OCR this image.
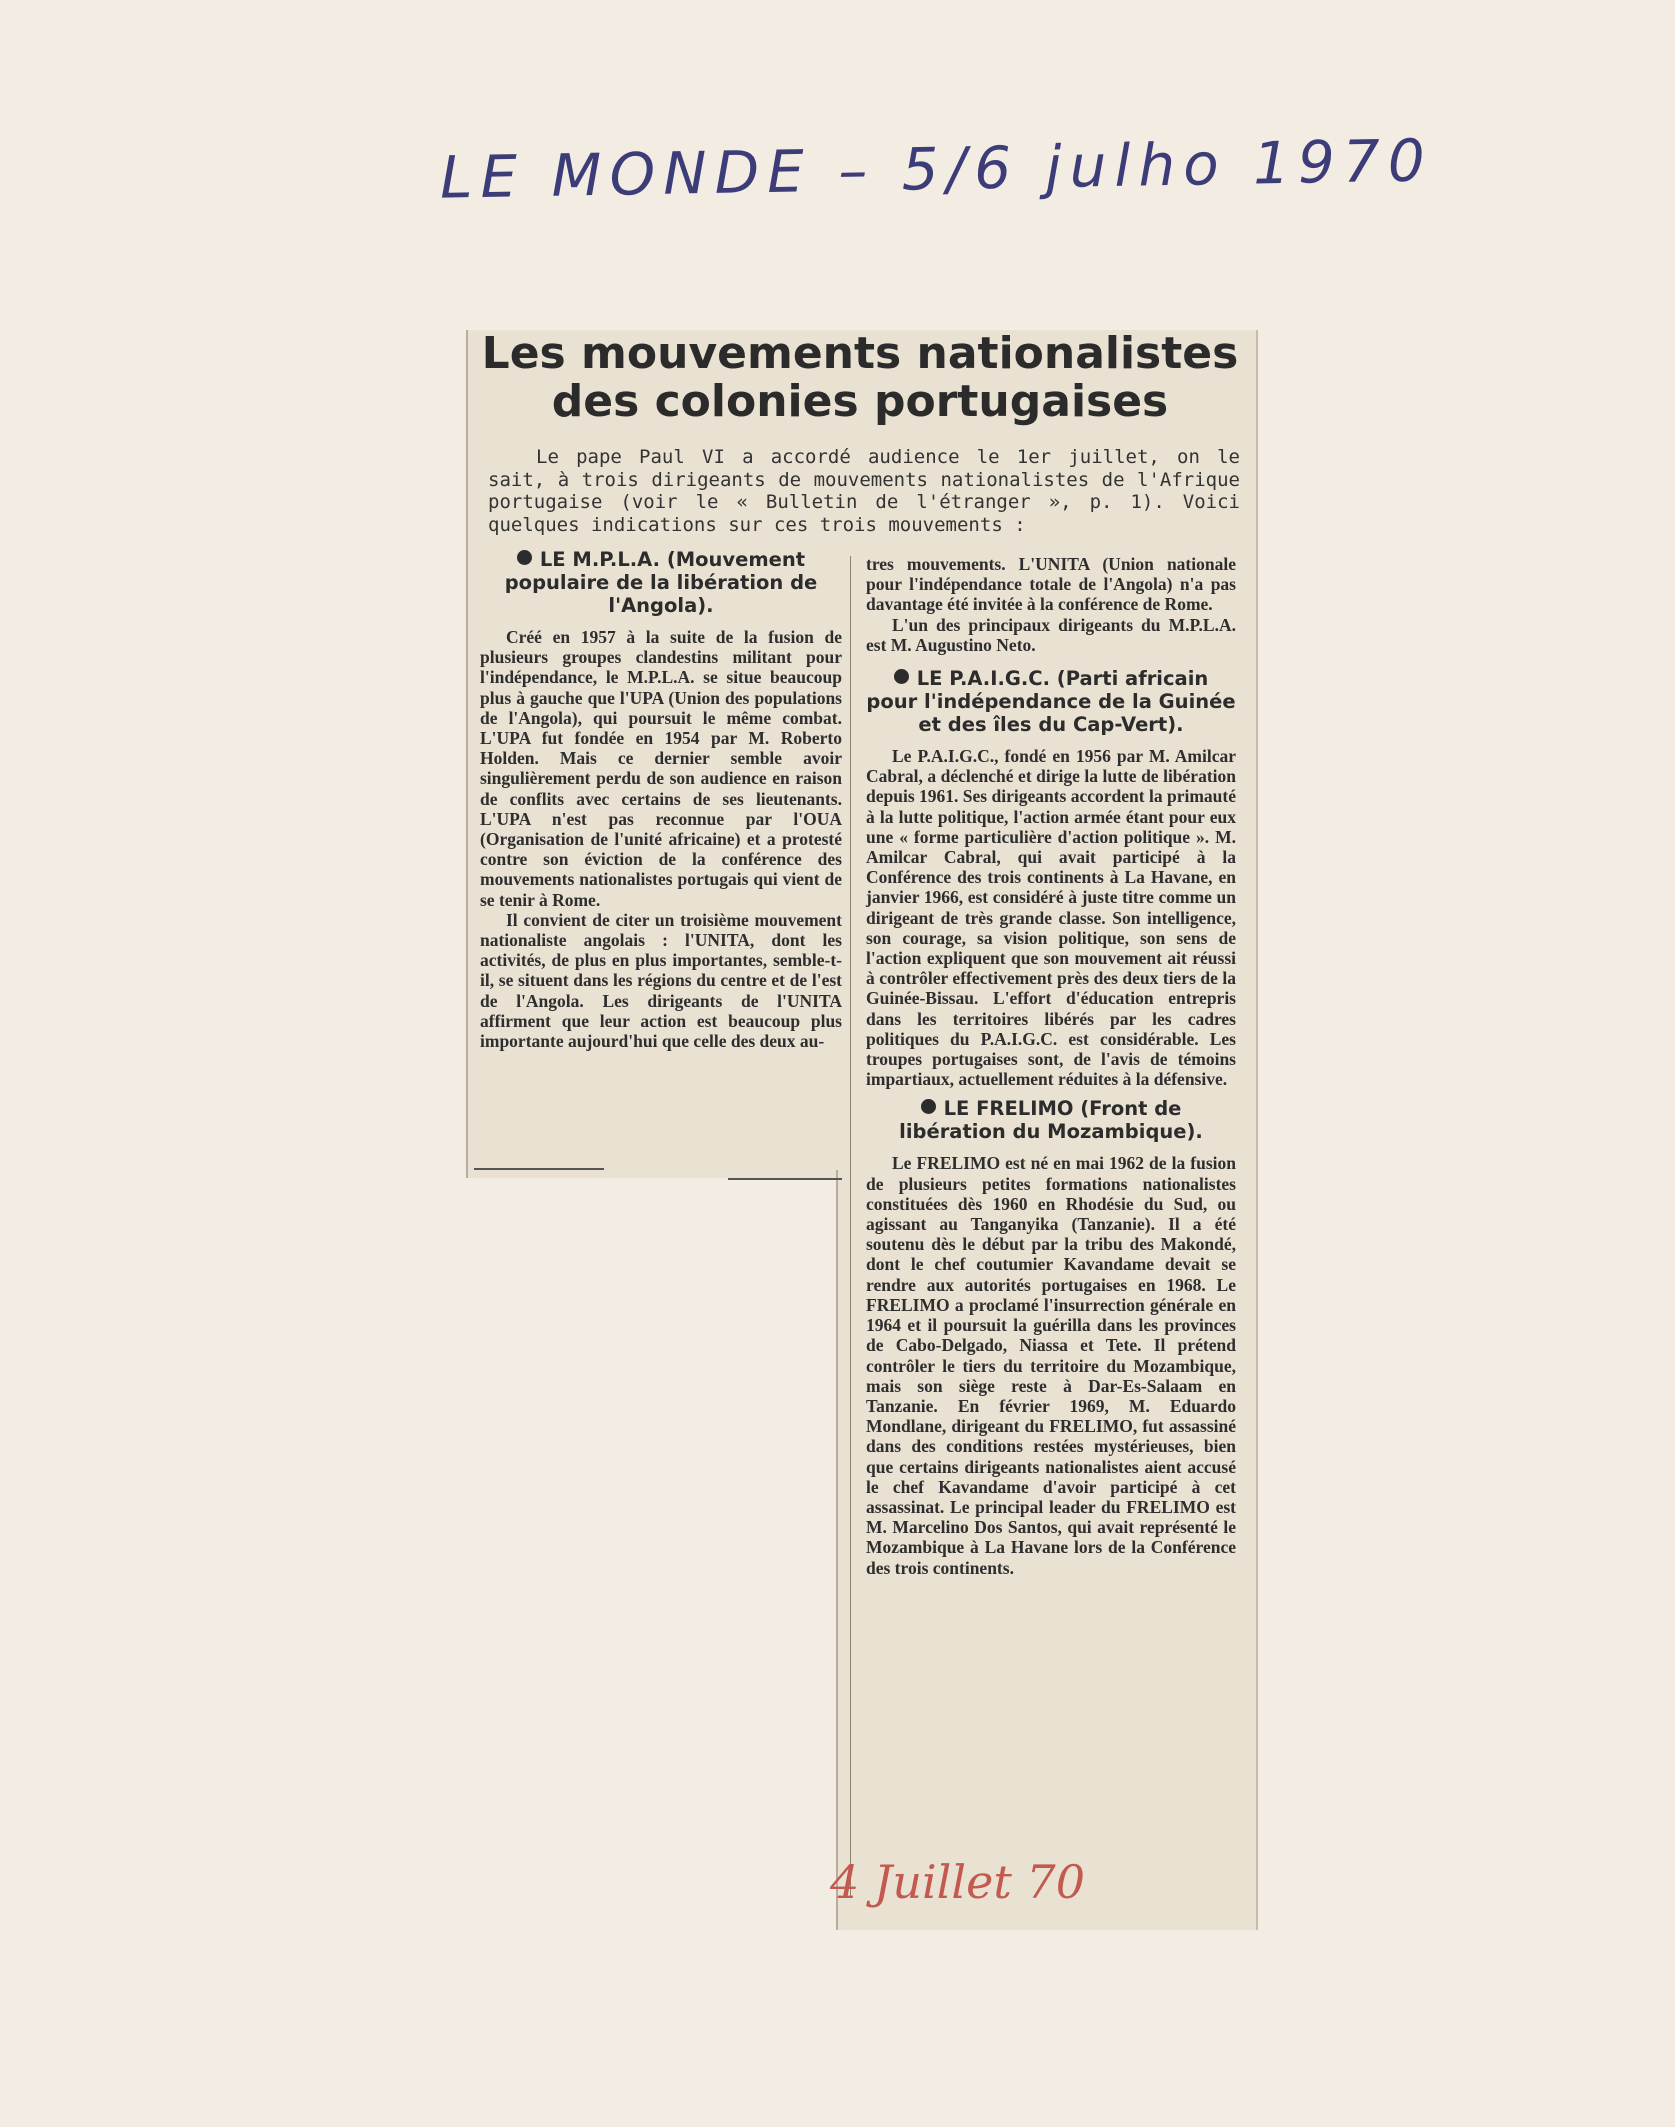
LE MONDE – 5/6 julho 1970
Les mouvements nationalistes
des colonies portugaises

Le pape Paul VI a accordé audience le 1er juillet, on le sait, à trois dirigeants de mouvements nationalistes de l'Afrique portugaise (voir le « Bulletin de l'étranger », p. 1). Voici quelques indications sur ces trois mouvements :

LE M.P.L.A. (Mouvement populaire de la libération de l'Angola).

Créé en 1957 à la suite de la fusion de plusieurs groupes clandestins militant pour l'indépendance, le M.P.L.A. se situe beaucoup plus à gauche que l'UPA (Union des populations de l'Angola), qui poursuit le même combat. L'UPA fut fondée en 1954 par M. Roberto Holden. Mais ce dernier semble avoir singulièrement perdu de son audience en raison de conflits avec certains de ses lieutenants. L'UPA n'est pas reconnue par l'OUA (Organisation de l'unité africaine) et a protesté contre son éviction de la conférence des mouvements nationalistes portugais qui vient de se tenir à Rome.

Il convient de citer un troisième mouvement nationaliste angolais : l'UNITA, dont les activités, de plus en plus importantes, semble-t-il, se situent dans les régions du centre et de l'est de l'Angola. Les dirigeants de l'UNITA affirment que leur action est beaucoup plus importante aujourd'hui que celle des deux au-

tres mouvements. L'UNITA (Union nationale pour l'indépendance totale de l'Angola) n'a pas davantage été invitée à la conférence de Rome.

L'un des principaux dirigeants du M.P.L.A. est M. Augustino Neto.

LE P.A.I.G.C. (Parti africain pour l'indépendance de la Guinée et des îles du Cap-Vert).

Le P.A.I.G.C., fondé en 1956 par M. Amilcar Cabral, a déclenché et dirige la lutte de libération depuis 1961. Ses dirigeants accordent la primauté à la lutte politique, l'action armée étant pour eux une « forme particulière d'action politique ». M. Amilcar Cabral, qui avait participé à la Conférence des trois continents à La Havane, en janvier 1966, est considéré à juste titre comme un dirigeant de très grande classe. Son intelligence, son courage, sa vision politique, son sens de l'action expliquent que son mouvement ait réussi à contrôler effectivement près des deux tiers de la Guinée-Bissau. L'effort d'éducation entrepris dans les territoires libérés par les cadres politiques du P.A.I.G.C. est considérable. Les troupes portugaises sont, de l'avis de témoins impartiaux, actuellement réduites à la défensive.

LE FRELIMO (Front de libération du Mozambique).

Le FRELIMO est né en mai 1962 de la fusion de plusieurs petites formations nationalistes constituées dès 1960 en Rhodésie du Sud, ou agissant au Tanganyika (Tanzanie). Il a été soutenu dès le début par la tribu des Makondé, dont le chef coutumier Kavandame devait se rendre aux autorités portugaises en 1968. Le FRELIMO a proclamé l'insurrection générale en 1964 et il poursuit la guérilla dans les provinces de Cabo-Delgado, Niassa et Tete. Il prétend contrôler le tiers du territoire du Mozambique, mais son siège reste à Dar-Es-Salaam en Tanzanie. En février 1969, M. Eduardo Mondlane, dirigeant du FRELIMO, fut assassiné dans des conditions restées mystérieuses, bien que certains dirigeants nationalistes aient accusé le chef Kavandame d'avoir participé à cet assassinat. Le principal leader du FRELIMO est M. Marcelino Dos Santos, qui avait représenté le Mozambique à La Havane lors de la Conférence des trois continents.

4 Juillet 70
